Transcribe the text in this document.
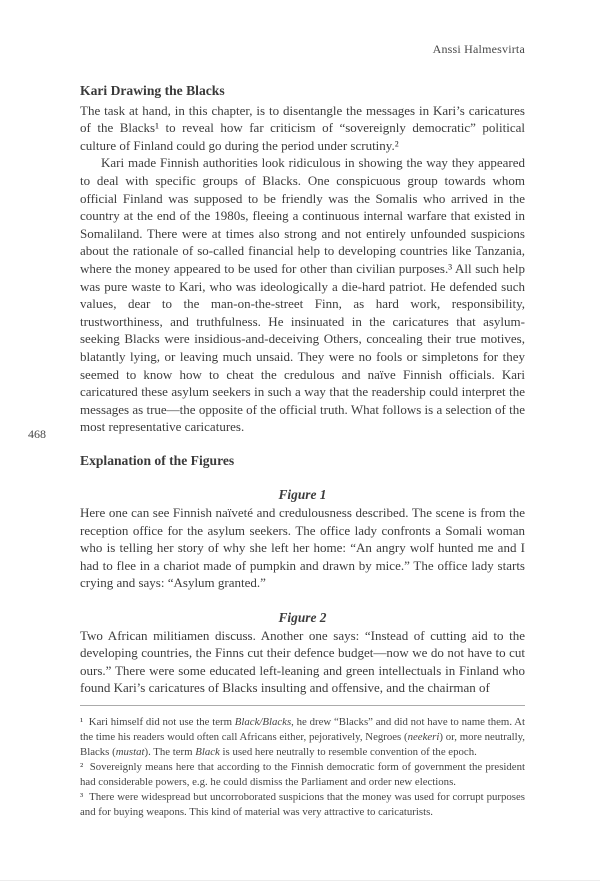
Anssi Halmesvirta
468
Kari Drawing the Blacks

The task at hand, in this chapter, is to disentangle the messages in Kari’s caricatures of the Blacks¹ to reveal how far criticism of “sovereignly democratic” political culture of Finland could go during the period under scrutiny.²

Kari made Finnish authorities look ridiculous in showing the way they appeared to deal with specific groups of Blacks. One conspicuous group towards whom official Finland was supposed to be friendly was the Somalis who arrived in the country at the end of the 1980s, fleeing a continuous internal warfare that existed in Somaliland. There were at times also strong and not entirely unfounded suspicions about the rationale of so-called financial help to developing countries like Tanzania, where the money appeared to be used for other than civilian purposes.³ All such help was pure waste to Kari, who was ideologically a die-hard patriot. He defended such values, dear to the man-on-the-street Finn, as hard work, responsibility, trustworthiness, and truthfulness. He insinuated in the caricatures that asylum-seeking Blacks were insidious-and-deceiving Others, concealing their true motives, blatantly lying, or leaving much unsaid. They were no fools or simpletons for they seemed to know how to cheat the credulous and naïve Finnish officials. Kari caricatured these asylum seekers in such a way that the readership could interpret the messages as true—the opposite of the official truth. What follows is a selection of the most representative caricatures.

Explanation of the Figures
Figure 1

Here one can see Finnish naïveté and credulousness described. The scene is from the reception office for the asylum seekers. The office lady confronts a Somali woman who is telling her story of why she left her home: “An angry wolf hunted me and I had to flee in a chariot made of pumpkin and drawn by mice.” The office lady starts crying and says: “Asylum granted.”

Figure 2

Two African militiamen discuss. Another one says: “Instead of cutting aid to the developing countries, the Finns cut their defence budget—now we do not have to cut ours.” There were some educated left-leaning and green intellectuals in Finland who found Kari’s caricatures of Blacks insulting and offensive, and the chairman of

¹  Kari himself did not use the term Black/Blacks, he drew “Blacks” and did not have to name them. At the time his readers would often call Africans either, pejoratively, Negroes (neekeri) or, more neutrally, Blacks (mustat). The term Black is used here neutrally to resemble convention of the epoch.

²  Sovereignly means here that according to the Finnish democratic form of government the president had considerable powers, e.g. he could dismiss the Parliament and order new elections.

³  There were widespread but uncorroborated suspicions that the money was used for corrupt purposes and for buying weapons. This kind of material was very attractive to caricaturists.
